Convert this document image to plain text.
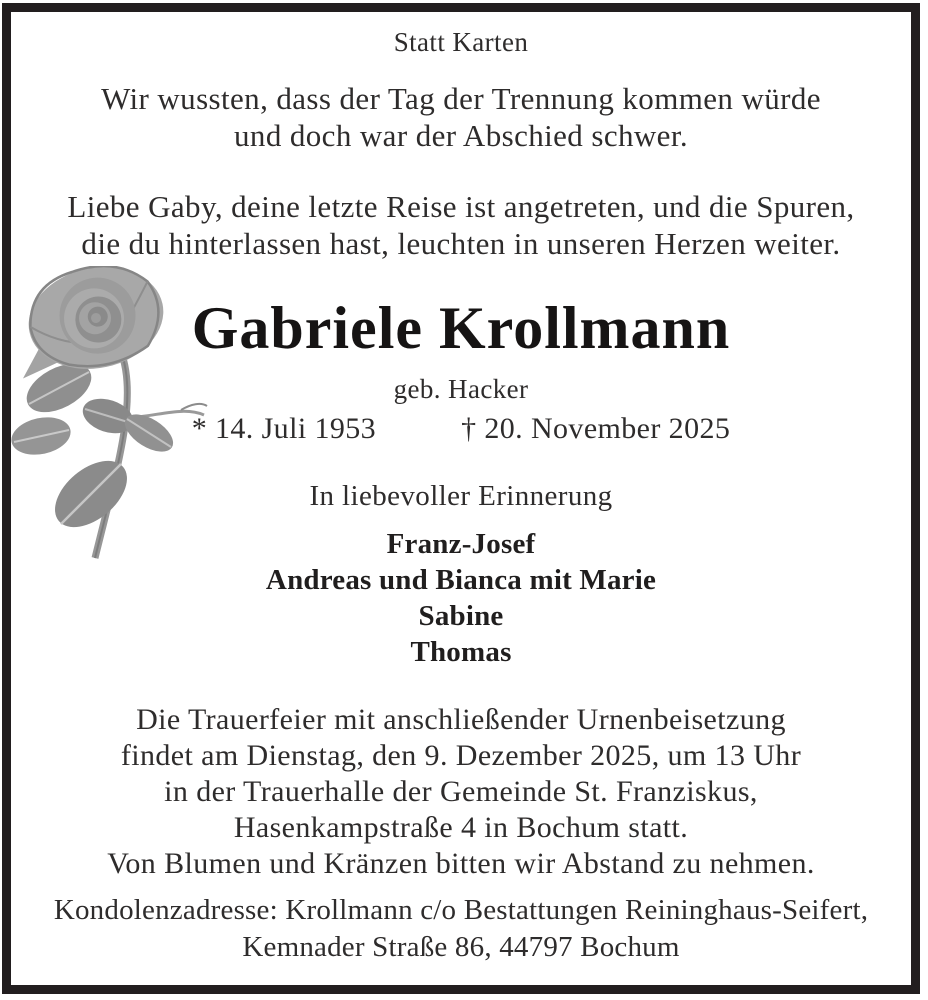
Statt Karten
Wir wussten, dass der Tag der Trennung kommen würde
und doch war der Abschied schwer.
Liebe Gaby, deine letzte Reise ist angetreten, und die Spuren,
die du hinterlassen hast, leuchten in unseren Herzen weiter.
Gabriele Krollmann
geb. Hacker
* 14. Juli 1953	† 20. November 2025
In liebevoller Erinnerung
Franz-Josef
Andreas und Bianca mit Marie
Sabine
Thomas
Die Trauerfeier mit anschließender Urnenbeisetzung
findet am Dienstag, den 9. Dezember 2025, um 13 Uhr
in der Trauerhalle der Gemeinde St. Franziskus,
Hasenkampstraße 4 in Bochum statt.
Von Blumen und Kränzen bitten wir Abstand zu nehmen.
Kondolenzadresse: Krollmann c/o Bestattungen Reininghaus-Seifert,
Kemnader Straße 86, 44797 Bochum
